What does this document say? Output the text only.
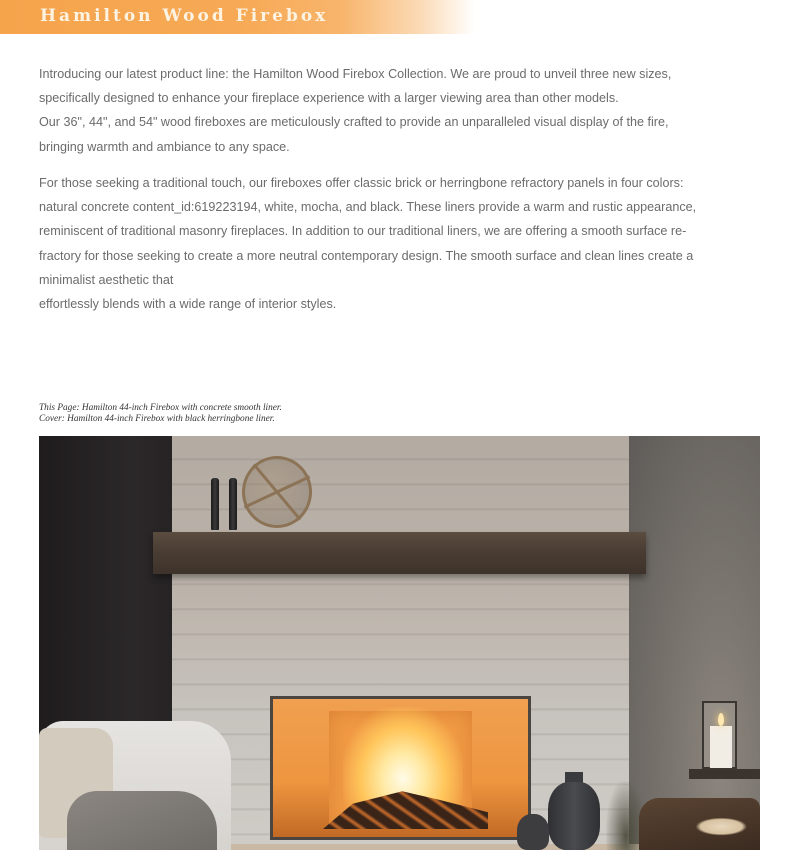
Hamilton Wood Firebox
Introducing our latest product line: the Hamilton Wood Firebox Collection. We are proud to unveil three new sizes,
specifically designed to enhance your fireplace experience with a larger viewing area than other models.
Our 36", 44", and 54" wood fireboxes are meticulously crafted to provide an unparalleled visual display of the fire,
bringing warmth and ambiance to any space.
For those seeking a traditional touch, our fireboxes offer classic brick or herringbone refractory panels in four colors:
natural concrete content_id:619223194, white, mocha, and black. These liners provide a warm and rustic appearance,
reminiscent of traditional masonry fireplaces. In addition to our traditional liners, we are offering a smooth surface re-
fractory for those seeking to create a more neutral contemporary design. The smooth surface and clean lines create a
minimalist aesthetic that
effortlessly blends with a wide range of interior styles.
This Page: Hamilton 44-inch Firebox with concrete smooth liner.
Cover: Hamilton 44-inch Firebox with black herringbone liner.
